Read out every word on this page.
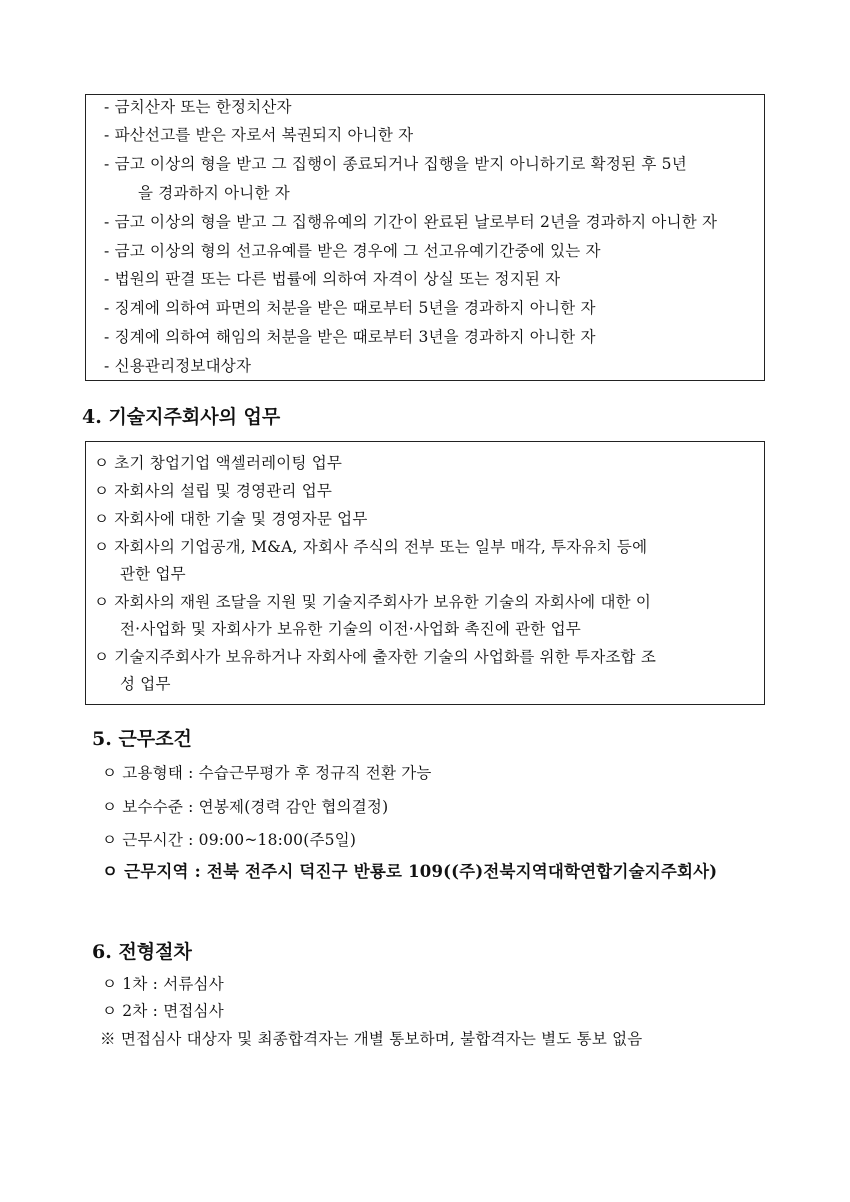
- 금치산자 또는 한정치산자
- 파산선고를 받은 자로서 복권되지 아니한 자
- 금고 이상의 형을 받고 그 집행이 종료되거나 집행을 받지 아니하기로 확정된 후 5년
을 경과하지 아니한 자
- 금고 이상의 형을 받고 그 집행유예의 기간이 완료된 날로부터 2년을 경과하지 아니한 자
- 금고 이상의 형의 선고유예를 받은 경우에 그 선고유예기간중에 있는 자
- 법원의 판결 또는 다른 법률에 의하여 자격이 상실 또는 정지된 자
- 징계에 의하여 파면의 처분을 받은 때로부터 5년을 경과하지 아니한 자
- 징계에 의하여 해임의 처분을 받은 때로부터 3년을 경과하지 아니한 자
- 신용관리정보대상자
4. 기술지주회사의 업무
ㅇ 초기 창업기업 액셀러레이팅 업무
ㅇ 자회사의 설립 및 경영관리 업무
ㅇ 자회사에 대한 기술 및 경영자문 업무
ㅇ 자회사의 기업공개, M&A, 자회사 주식의 전부 또는 일부 매각, 투자유치 등에
관한 업무
ㅇ 자회사의 재원 조달을 지원 및 기술지주회사가 보유한 기술의 자회사에 대한 이
전·사업화 및 자회사가 보유한 기술의 이전·사업화 촉진에 관한 업무
ㅇ 기술지주회사가 보유하거나 자회사에 출자한 기술의 사업화를 위한 투자조합 조
성 업무
5. 근무조건
ㅇ 고용형태 : 수습근무평가 후 정규직 전환 가능
ㅇ 보수수준 : 연봉제(경력 감안 협의결정)
ㅇ 근무시간 : 09:00~18:00(주5일)
ㅇ 근무지역 : 전북 전주시 덕진구 반룡로 109((주)전북지역대학연합기술지주회사)
6. 전형절차
ㅇ 1차 : 서류심사
ㅇ 2차 : 면접심사
※ 면접심사 대상자 및 최종합격자는 개별 통보하며, 불합격자는 별도 통보 없음
